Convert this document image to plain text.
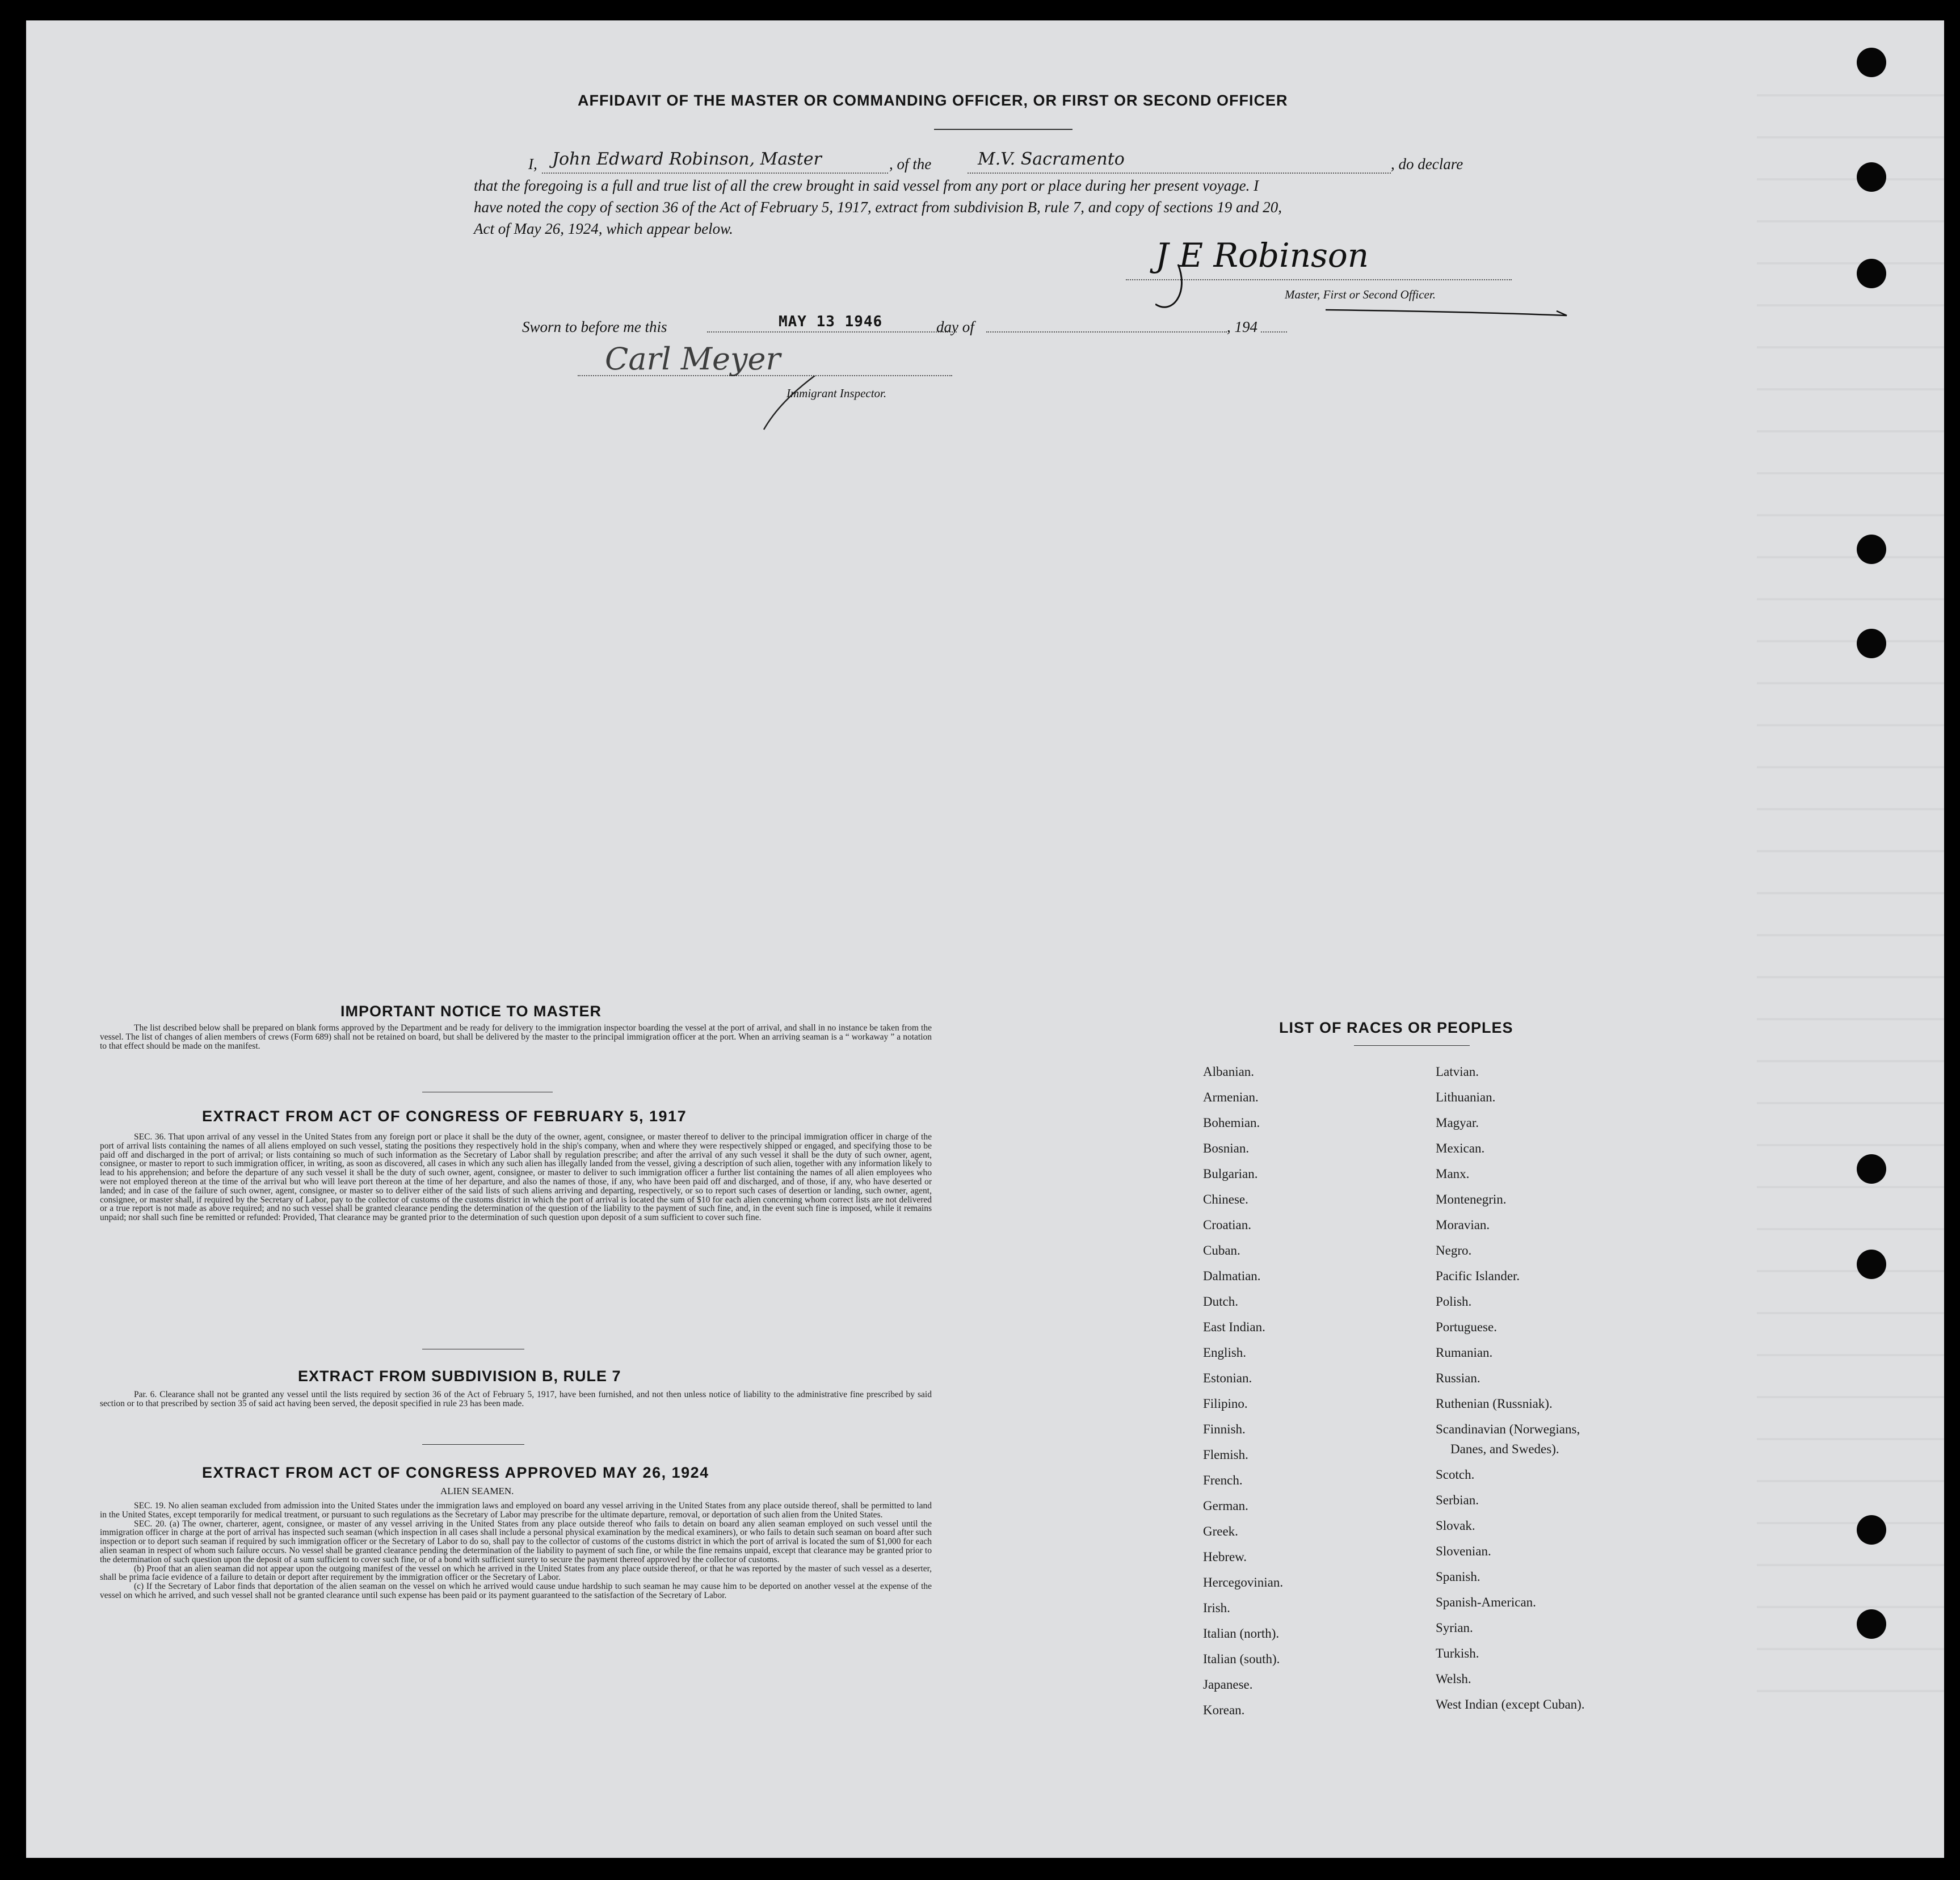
AFFIDAVIT OF THE MASTER OR COMMANDING OFFICER, OR FIRST OR SECOND OFFICER
I, John Edward Robinson, Master	, of the	M.V. Sacramento	, do declare
that the foregoing is a full and true list of all the crew brought in said vessel from any port or place during her present voyage. I
have noted the copy of section 36 of the Act of February 5, 1917, extract from subdivision B, rule 7, and copy of sections 19 and 20,
Act of May 26, 1924, which appear below.
J E Robinson
Master, First or Second Officer.
Sworn to before me this	MAY 13 1946	day of	, 194
Carl Meyer
Immigrant Inspector.
IMPORTANT NOTICE TO MASTER
The list described below shall be prepared on blank forms approved by the Department and be ready for delivery to the immigration inspector boarding the vessel at the port of arrival, and shall in no instance be taken from the vessel. The list of changes of alien members of crews (Form 689) shall not be retained on board, but shall be delivered by the master to the principal immigration officer at the port. When an arriving seaman is a “ workaway ” a notation to that effect should be made on the manifest.
EXTRACT FROM ACT OF CONGRESS OF FEBRUARY 5, 1917
SEC. 36. That upon arrival of any vessel in the United States from any foreign port or place it shall be the duty of the owner, agent, consignee, or master thereof to deliver to the principal immigration officer in charge of the port of arrival lists containing the names of all aliens employed on such vessel, stating the positions they respectively hold in the ship's company, when and where they were respectively shipped or engaged, and specifying those to be paid off and discharged in the port of arrival; or lists containing so much of such information as the Secretary of Labor shall by regulation prescribe; and after the arrival of any such vessel it shall be the duty of such owner, agent, consignee, or master to report to such immigration officer, in writing, as soon as discovered, all cases in which any such alien has illegally landed from the vessel, giving a description of such alien, together with any information likely to lead to his apprehension; and before the departure of any such vessel it shall be the duty of such owner, agent, consignee, or master to deliver to such immigration officer a further list containing the names of all alien employees who were not employed thereon at the time of the arrival but who will leave port thereon at the time of her departure, and also the names of those, if any, who have been paid off and discharged, and of those, if any, who have deserted or landed; and in case of the failure of such owner, agent, consignee, or master so to deliver either of the said lists of such aliens arriving and departing, respectively, or so to report such cases of desertion or landing, such owner, agent, consignee, or master shall, if required by the Secretary of Labor, pay to the collector of customs of the customs district in which the port of arrival is located the sum of $10 for each alien concerning whom correct lists are not delivered or a true report is not made as above required; and no such vessel shall be granted clearance pending the determination of the question of the liability to the payment of such fine, and, in the event such fine is imposed, while it remains unpaid; nor shall such fine be remitted or refunded: Provided, That clearance may be granted prior to the determination of such question upon deposit of a sum sufficient to cover such fine.
EXTRACT FROM SUBDIVISION B, RULE 7
Par. 6. Clearance shall not be granted any vessel until the lists required by section 36 of the Act of February 5, 1917, have been furnished, and not then unless notice of liability to the administrative fine prescribed by said section or to that prescribed by section 35 of said act having been served, the deposit specified in rule 23 has been made.
EXTRACT FROM ACT OF CONGRESS APPROVED MAY 26, 1924
ALIEN SEAMEN.
SEC. 19. No alien seaman excluded from admission into the United States under the immigration laws and employed on board any vessel arriving in the United States from any place outside thereof, shall be permitted to land in the United States, except temporarily for medical treatment, or pursuant to such regulations as the Secretary of Labor may prescribe for the ultimate departure, removal, or deportation of such alien from the United States.
SEC. 20. (a) The owner, charterer, agent, consignee, or master of any vessel arriving in the United States from any place outside thereof who fails to detain on board any alien seaman employed on such vessel until the immigration officer in charge at the port of arrival has inspected such seaman (which inspection in all cases shall include a personal physical examination by the medical examiners), or who fails to detain such seaman on board after such inspection or to deport such seaman if required by such immigration officer or the Secretary of Labor to do so, shall pay to the collector of customs of the customs district in which the port of arrival is located the sum of $1,000 for each alien seaman in respect of whom such failure occurs. No vessel shall be granted clearance pending the determination of the liability to payment of such fine, or while the fine remains unpaid, except that clearance may be granted prior to the determination of such question upon the deposit of a sum sufficient to cover such fine, or of a bond with sufficient surety to secure the payment thereof approved by the collector of customs.
(b) Proof that an alien seaman did not appear upon the outgoing manifest of the vessel on which he arrived in the United States from any place outside thereof, or that he was reported by the master of such vessel as a deserter, shall be prima facie evidence of a failure to detain or deport after requirement by the immigration officer or the Secretary of Labor.
(c) If the Secretary of Labor finds that deportation of the alien seaman on the vessel on which he arrived would cause undue hardship to such seaman he may cause him to be deported on another vessel at the expense of the vessel on which he arrived, and such vessel shall not be granted clearance until such expense has been paid or its payment guaranteed to the satisfaction of the Secretary of Labor.
LIST OF RACES OR PEOPLES
Albanian.
Armenian.
Bohemian.
Bosnian.
Bulgarian.
Chinese.
Croatian.
Cuban.
Dalmatian.
Dutch.
East Indian.
English.
Estonian.
Filipino.
Finnish.
Flemish.
French.
German.
Greek.
Hebrew.
Hercegovinian.
Irish.
Italian (north).
Italian (south).
Japanese.
Korean.
Latvian.
Lithuanian.
Magyar.
Mexican.
Manx.
Montenegrin.
Moravian.
Negro.
Pacific Islander.
Polish.
Portuguese.
Rumanian.
Russian.
Ruthenian (Russniak).
Scandinavian (Norwegians,
Danes, and Swedes).
Scotch.
Serbian.
Slovak.
Slovenian.
Spanish.
Spanish-American.
Syrian.
Turkish.
Welsh.
West Indian (except Cuban).
